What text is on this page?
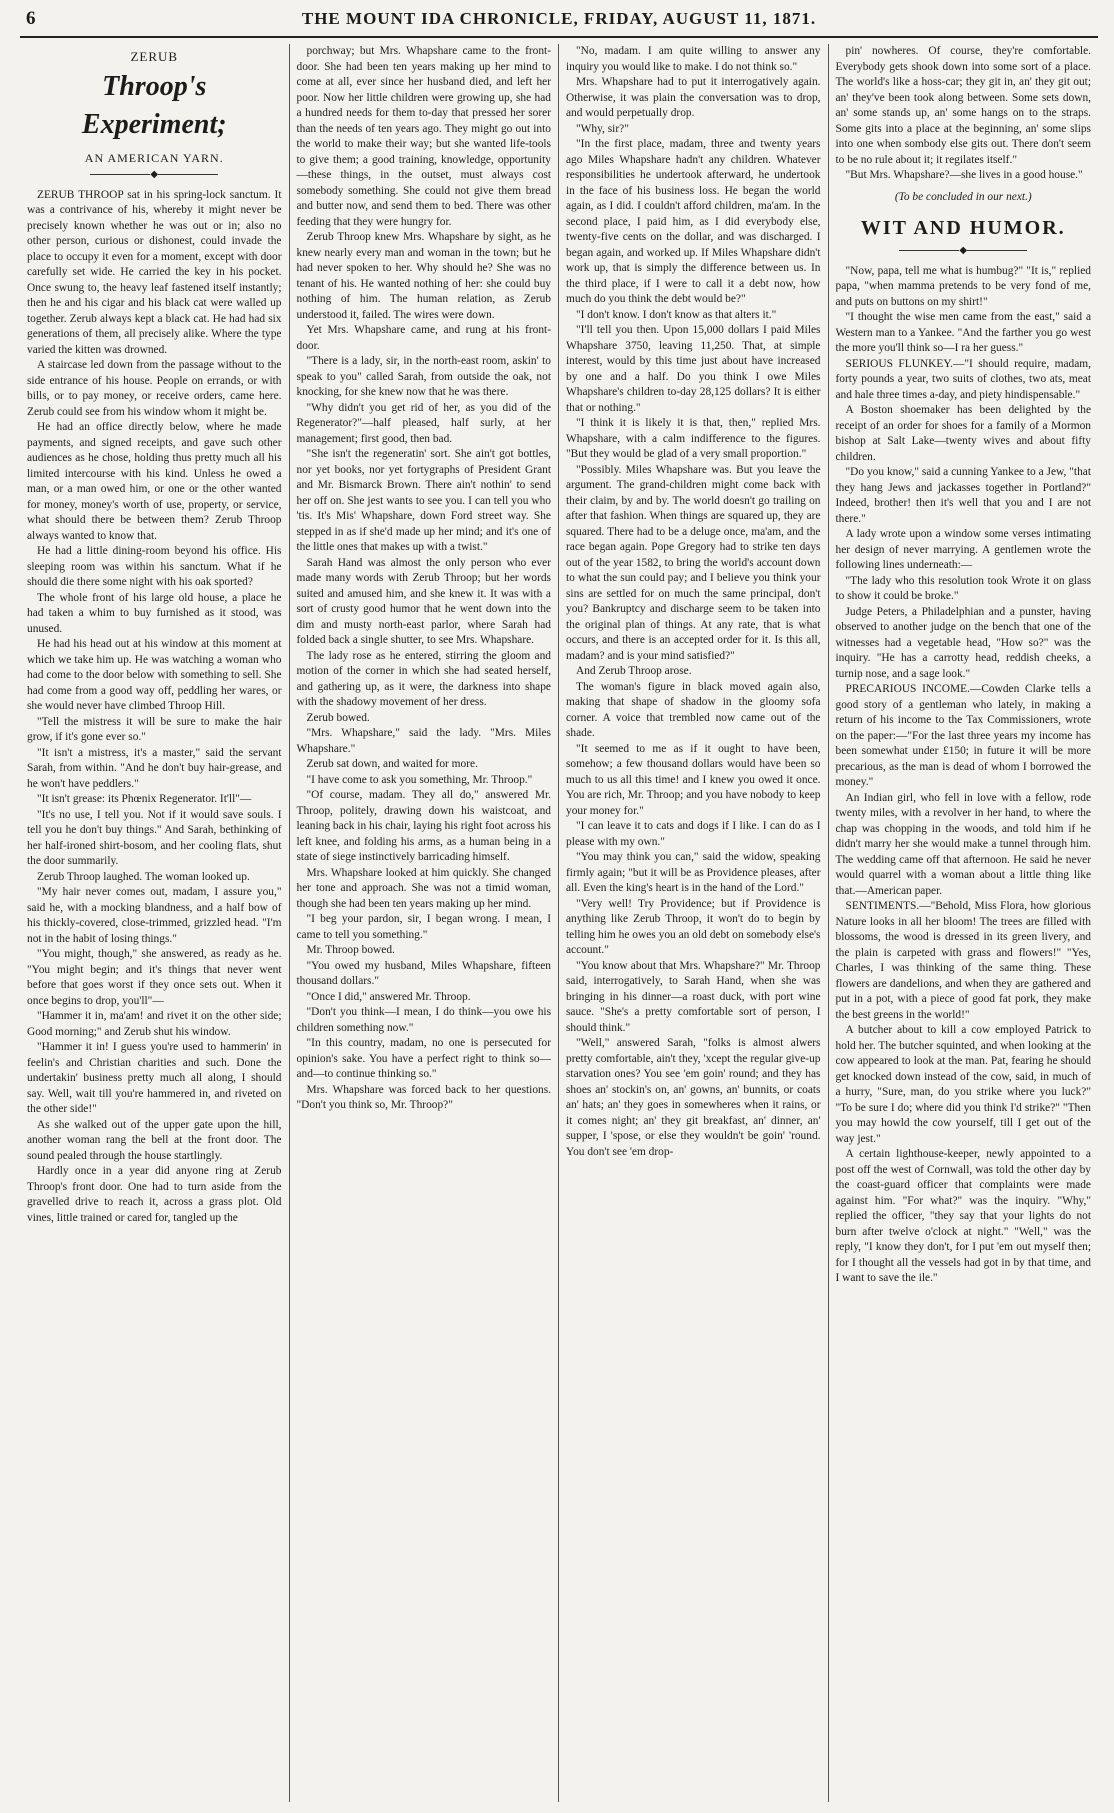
6	THE MOUNT IDA CHRONICLE, FRIDAY, AUGUST 11, 1871.
ZERUB
Throop's Experiment;
AN AMERICAN YARN.
◆

ZERUB THROOP sat in his spring-lock sanctum. It was a contrivance of his, whereby it might never be precisely known whether he was out or in; also no other person, curious or dishonest, could invade the place to occupy it even for a moment, except with door carefully set wide. He carried the key in his pocket. Once swung to, the heavy leaf fastened itself instantly; then he and his cigar and his black cat were walled up together. Zerub always kept a black cat. He had had six generations of them, all precisely alike. Where the type varied the kitten was drowned.

A staircase led down from the passage without to the side entrance of his house. People on errands, or with bills, or to pay money, or receive orders, came here. Zerub could see from his window whom it might be.

He had an office directly below, where he made payments, and signed receipts, and gave such other audiences as he chose, holding thus pretty much all his limited intercourse with his kind. Unless he owed a man, or a man owed him, or one or the other wanted for money, money's worth of use, property, or service, what should there be between them? Zerub Throop always wanted to know that.

He had a little dining-room beyond his office. His sleeping room was within his sanctum. What if he should die there some night with his oak sported?

The whole front of his large old house, a place he had taken a whim to buy furnished as it stood, was unused.

He had his head out at his window at this moment at which we take him up. He was watching a woman who had come to the door below with something to sell. She had come from a good way off, peddling her wares, or she would never have climbed Throop Hill.

"Tell the mistress it will be sure to make the hair grow, if it's gone ever so."

"It isn't a mistress, it's a master," said the servant Sarah, from within. "And he don't buy hair-grease, and he won't have peddlers."

"It isn't grease: its Phœnix Regenerator. It'll"—

"It's no use, I tell you. Not if it would save souls. I tell you he don't buy things." And Sarah, bethinking of her half-ironed shirt-bosom, and her cooling flats, shut the door summarily.

Zerub Throop laughed. The woman looked up.

"My hair never comes out, madam, I assure you," said he, with a mocking blandness, and a half bow of his thickly-covered, close-trimmed, grizzled head. "I'm not in the habit of losing things."

"You might, though," she answered, as ready as he. "You might begin; and it's things that never went before that goes worst if they once sets out. When it once begins to drop, you'll"—

"Hammer it in, ma'am! and rivet it on the other side; Good morning;" and Zerub shut his window.

"Hammer it in! I guess you're used to hammerin' in feelin's and Christian charities and such. Done the undertakin' business pretty much all along, I should say. Well, wait till you're hammered in, and riveted on the other side!"

As she walked out of the upper gate upon the hill, another woman rang the bell at the front door. The sound pealed through the house startlingly.

Hardly once in a year did anyone ring at Zerub Throop's front door. One had to turn aside from the gravelled drive to reach it, across a grass plot. Old vines, little trained or cared for, tangled up the

porchway; but Mrs. Whapshare came to the front-door. She had been ten years making up her mind to come at all, ever since her husband died, and left her poor. Now her little children were growing up, she had a hundred needs for them to-day that pressed her sorer than the needs of ten years ago. They might go out into the world to make their way; but she wanted life-tools to give them; a good training, knowledge, opportunity—these things, in the outset, must always cost somebody something. She could not give them bread and butter now, and send them to bed. There was other feeding that they were hungry for.

Zerub Throop knew Mrs. Whapshare by sight, as he knew nearly every man and woman in the town; but he had never spoken to her. Why should he? She was no tenant of his. He wanted nothing of her: she could buy nothing of him. The human relation, as Zerub understood it, failed. The wires were down.

Yet Mrs. Whapshare came, and rung at his front-door.

"There is a lady, sir, in the north-east room, askin' to speak to you" called Sarah, from outside the oak, not knocking, for she knew now that he was there.

"Why didn't you get rid of her, as you did of the Regenerator?"—half pleased, half surly, at her management; first good, then bad.

"She isn't the regeneratin' sort. She ain't got bottles, nor yet books, nor yet fortygraphs of President Grant and Mr. Bismarck Brown. There ain't nothin' to send her off on. She jest wants to see you. I can tell you who 'tis. It's Mis' Whapshare, down Ford street way. She stepped in as if she'd made up her mind; and it's one of the little ones that makes up with a twist."

Sarah Hand was almost the only person who ever made many words with Zerub Throop; but her words suited and amused him, and she knew it. It was with a sort of crusty good humor that he went down into the dim and musty north-east parlor, where Sarah had folded back a single shutter, to see Mrs. Whapshare.

The lady rose as he entered, stirring the gloom and motion of the corner in which she had seated herself, and gathering up, as it were, the darkness into shape with the shadowy movement of her dress.

Zerub bowed.

"Mrs. Whapshare," said the lady. "Mrs. Miles Whapshare."

Zerub sat down, and waited for more.

"I have come to ask you something, Mr. Throop."

"Of course, madam. They all do," answered Mr. Throop, politely, drawing down his waistcoat, and leaning back in his chair, laying his right foot across his left knee, and folding his arms, as a human being in a state of siege instinctively barricading himself.

Mrs. Whapshare looked at him quickly. She changed her tone and approach. She was not a timid woman, though she had been ten years making up her mind.

"I beg your pardon, sir, I began wrong. I mean, I came to tell you something."

Mr. Throop bowed.

"You owed my husband, Miles Whapshare, fifteen thousand dollars."

"Once I did," answered Mr. Throop.

"Don't you think—I mean, I do think—you owe his children something now."

"In this country, madam, no one is persecuted for opinion's sake. You have a perfect right to think so—and—to continue thinking so."

Mrs. Whapshare was forced back to her questions. "Don't you think so, Mr. Throop?"

"No, madam. I am quite willing to answer any inquiry you would like to make. I do not think so."

Mrs. Whapshare had to put it interrogatively again. Otherwise, it was plain the conversation was to drop, and would perpetually drop.

"Why, sir?"

"In the first place, madam, three and twenty years ago Miles Whapshare hadn't any children. Whatever responsibilities he undertook afterward, he undertook in the face of his business loss. He began the world again, as I did. I couldn't afford children, ma'am. In the second place, I paid him, as I did everybody else, twenty-five cents on the dollar, and was discharged. I began again, and worked up. If Miles Whapshare didn't work up, that is simply the difference between us. In the third place, if I were to call it a debt now, how much do you think the debt would be?"

"I don't know. I don't know as that alters it."

"I'll tell you then. Upon 15,000 dollars I paid Miles Whapshare 3750, leaving 11,250. That, at simple interest, would by this time just about have increased by one and a half. Do you think I owe Miles Whapshare's children to-day 28,125 dollars? It is either that or nothing."

"I think it is likely it is that, then," replied Mrs. Whapshare, with a calm indifference to the figures. "But they would be glad of a very small proportion."

"Possibly. Miles Whapshare was. But you leave the argument. The grand-children might come back with their claim, by and by. The world doesn't go trailing on after that fashion. When things are squared up, they are squared. There had to be a deluge once, ma'am, and the race began again. Pope Gregory had to strike ten days out of the year 1582, to bring the world's account down to what the sun could pay; and I believe you think your sins are settled for on much the same principal, don't you? Bankruptcy and discharge seem to be taken into the original plan of things. At any rate, that is what occurs, and there is an accepted order for it. Is this all, madam? and is your mind satisfied?"

And Zerub Throop arose.

The woman's figure in black moved again also, making that shape of shadow in the gloomy sofa corner. A voice that trembled now came out of the shade.

"It seemed to me as if it ought to have been, somehow; a few thousand dollars would have been so much to us all this time! and I knew you owed it once. You are rich, Mr. Throop; and you have nobody to keep your money for."

"I can leave it to cats and dogs if I like. I can do as I please with my own."

"You may think you can," said the widow, speaking firmly again; "but it will be as Providence pleases, after all. Even the king's heart is in the hand of the Lord."

"Very well! Try Providence; but if Providence is anything like Zerub Throop, it won't do to begin by telling him he owes you an old debt on somebody else's account."

"You know about that Mrs. Whapshare?" Mr. Throop said, interrogatively, to Sarah Hand, when she was bringing in his dinner—a roast duck, with port wine sauce. "She's a pretty comfortable sort of person, I should think."

"Well," answered Sarah, "folks is almost alwers pretty comfortable, ain't they, 'xcept the regular give-up starvation ones? You see 'em goin' round; and they has shoes an' stockin's on, an' gowns, an' bunnits, or coats an' hats; an' they goes in somewheres when it rains, or it comes night; an' they git breakfast, an' dinner, an' supper, I 'spose, or else they wouldn't be goin' 'round. You don't see 'em drop-

pin' nowheres. Of course, they're comfortable. Everybody gets shook down into some sort of a place. The world's like a hoss-car; they git in, an' they git out; an' they've been took along between. Some sets down, an' some stands up, an' some hangs on to the straps. Some gits into a place at the beginning, an' some slips into one when sombody else gits out. There don't seem to be no rule about it; it regilates itself."

"But Mrs. Whapshare?—she lives in a good house."

(To be concluded in our next.)
WIT AND HUMOR.
◆

"Now, papa, tell me what is humbug?" "It is," replied papa, "when mamma pretends to be very fond of me, and puts on buttons on my shirt!"

"I thought the wise men came from the east," said a Western man to a Yankee. "And the farther you go west the more you'll think so—I ra her guess."

SERIOUS FLUNKEY.—"I should require, madam, forty pounds a year, two suits of clothes, two ats, meat and hale three times a-day, and piety hindispensable."

A Boston shoemaker has been delighted by the receipt of an order for shoes for a family of a Mormon bishop at Salt Lake—twenty wives and about fifty children.

"Do you know," said a cunning Yankee to a Jew, "that they hang Jews and jackasses together in Portland?" Indeed, brother! then it's well that you and I are not there."

A lady wrote upon a window some verses intimating her design of never marrying. A gentlemen wrote the following lines underneath:—

"The lady who this resolution took Wrote it on glass to show it could be broke."

Judge Peters, a Philadelphian and a punster, having observed to another judge on the bench that one of the witnesses had a vegetable head, "How so?" was the inquiry. "He has a carrotty head, reddish cheeks, a turnip nose, and a sage look."

PRECARIOUS INCOME.—Cowden Clarke tells a good story of a gentleman who lately, in making a return of his income to the Tax Commissioners, wrote on the paper:—"For the last three years my income has been somewhat under £150; in future it will be more precarious, as the man is dead of whom I borrowed the money."

An Indian girl, who fell in love with a fellow, rode twenty miles, with a revolver in her hand, to where the chap was chopping in the woods, and told him if he didn't marry her she would make a tunnel through him. The wedding came off that afternoon. He said he never would quarrel with a woman about a little thing like that.—American paper.

SENTIMENTS.—"Behold, Miss Flora, how glorious Nature looks in all her bloom! The trees are filled with blossoms, the wood is dressed in its green livery, and the plain is carpeted with grass and flowers!" "Yes, Charles, I was thinking of the same thing. These flowers are dandelions, and when they are gathered and put in a pot, with a piece of good fat pork, they make the best greens in the world!"

A butcher about to kill a cow employed Patrick to hold her. The butcher squinted, and when looking at the cow appeared to look at the man. Pat, fearing he should get knocked down instead of the cow, said, in much of a hurry, "Sure, man, do you strike where you luck?" "To be sure I do; where did you think I'd strike?" "Then you may howld the cow yourself, till I get out of the way jest."

A certain lighthouse-keeper, newly appointed to a post off the west of Cornwall, was told the other day by the coast-guard officer that complaints were made against him. "For what?" was the inquiry. "Why," replied the officer, "they say that your lights do not burn after twelve o'clock at night." "Well," was the reply, "I know they don't, for I put 'em out myself then; for I thought all the vessels had got in by that time, and I want to save the ile."
